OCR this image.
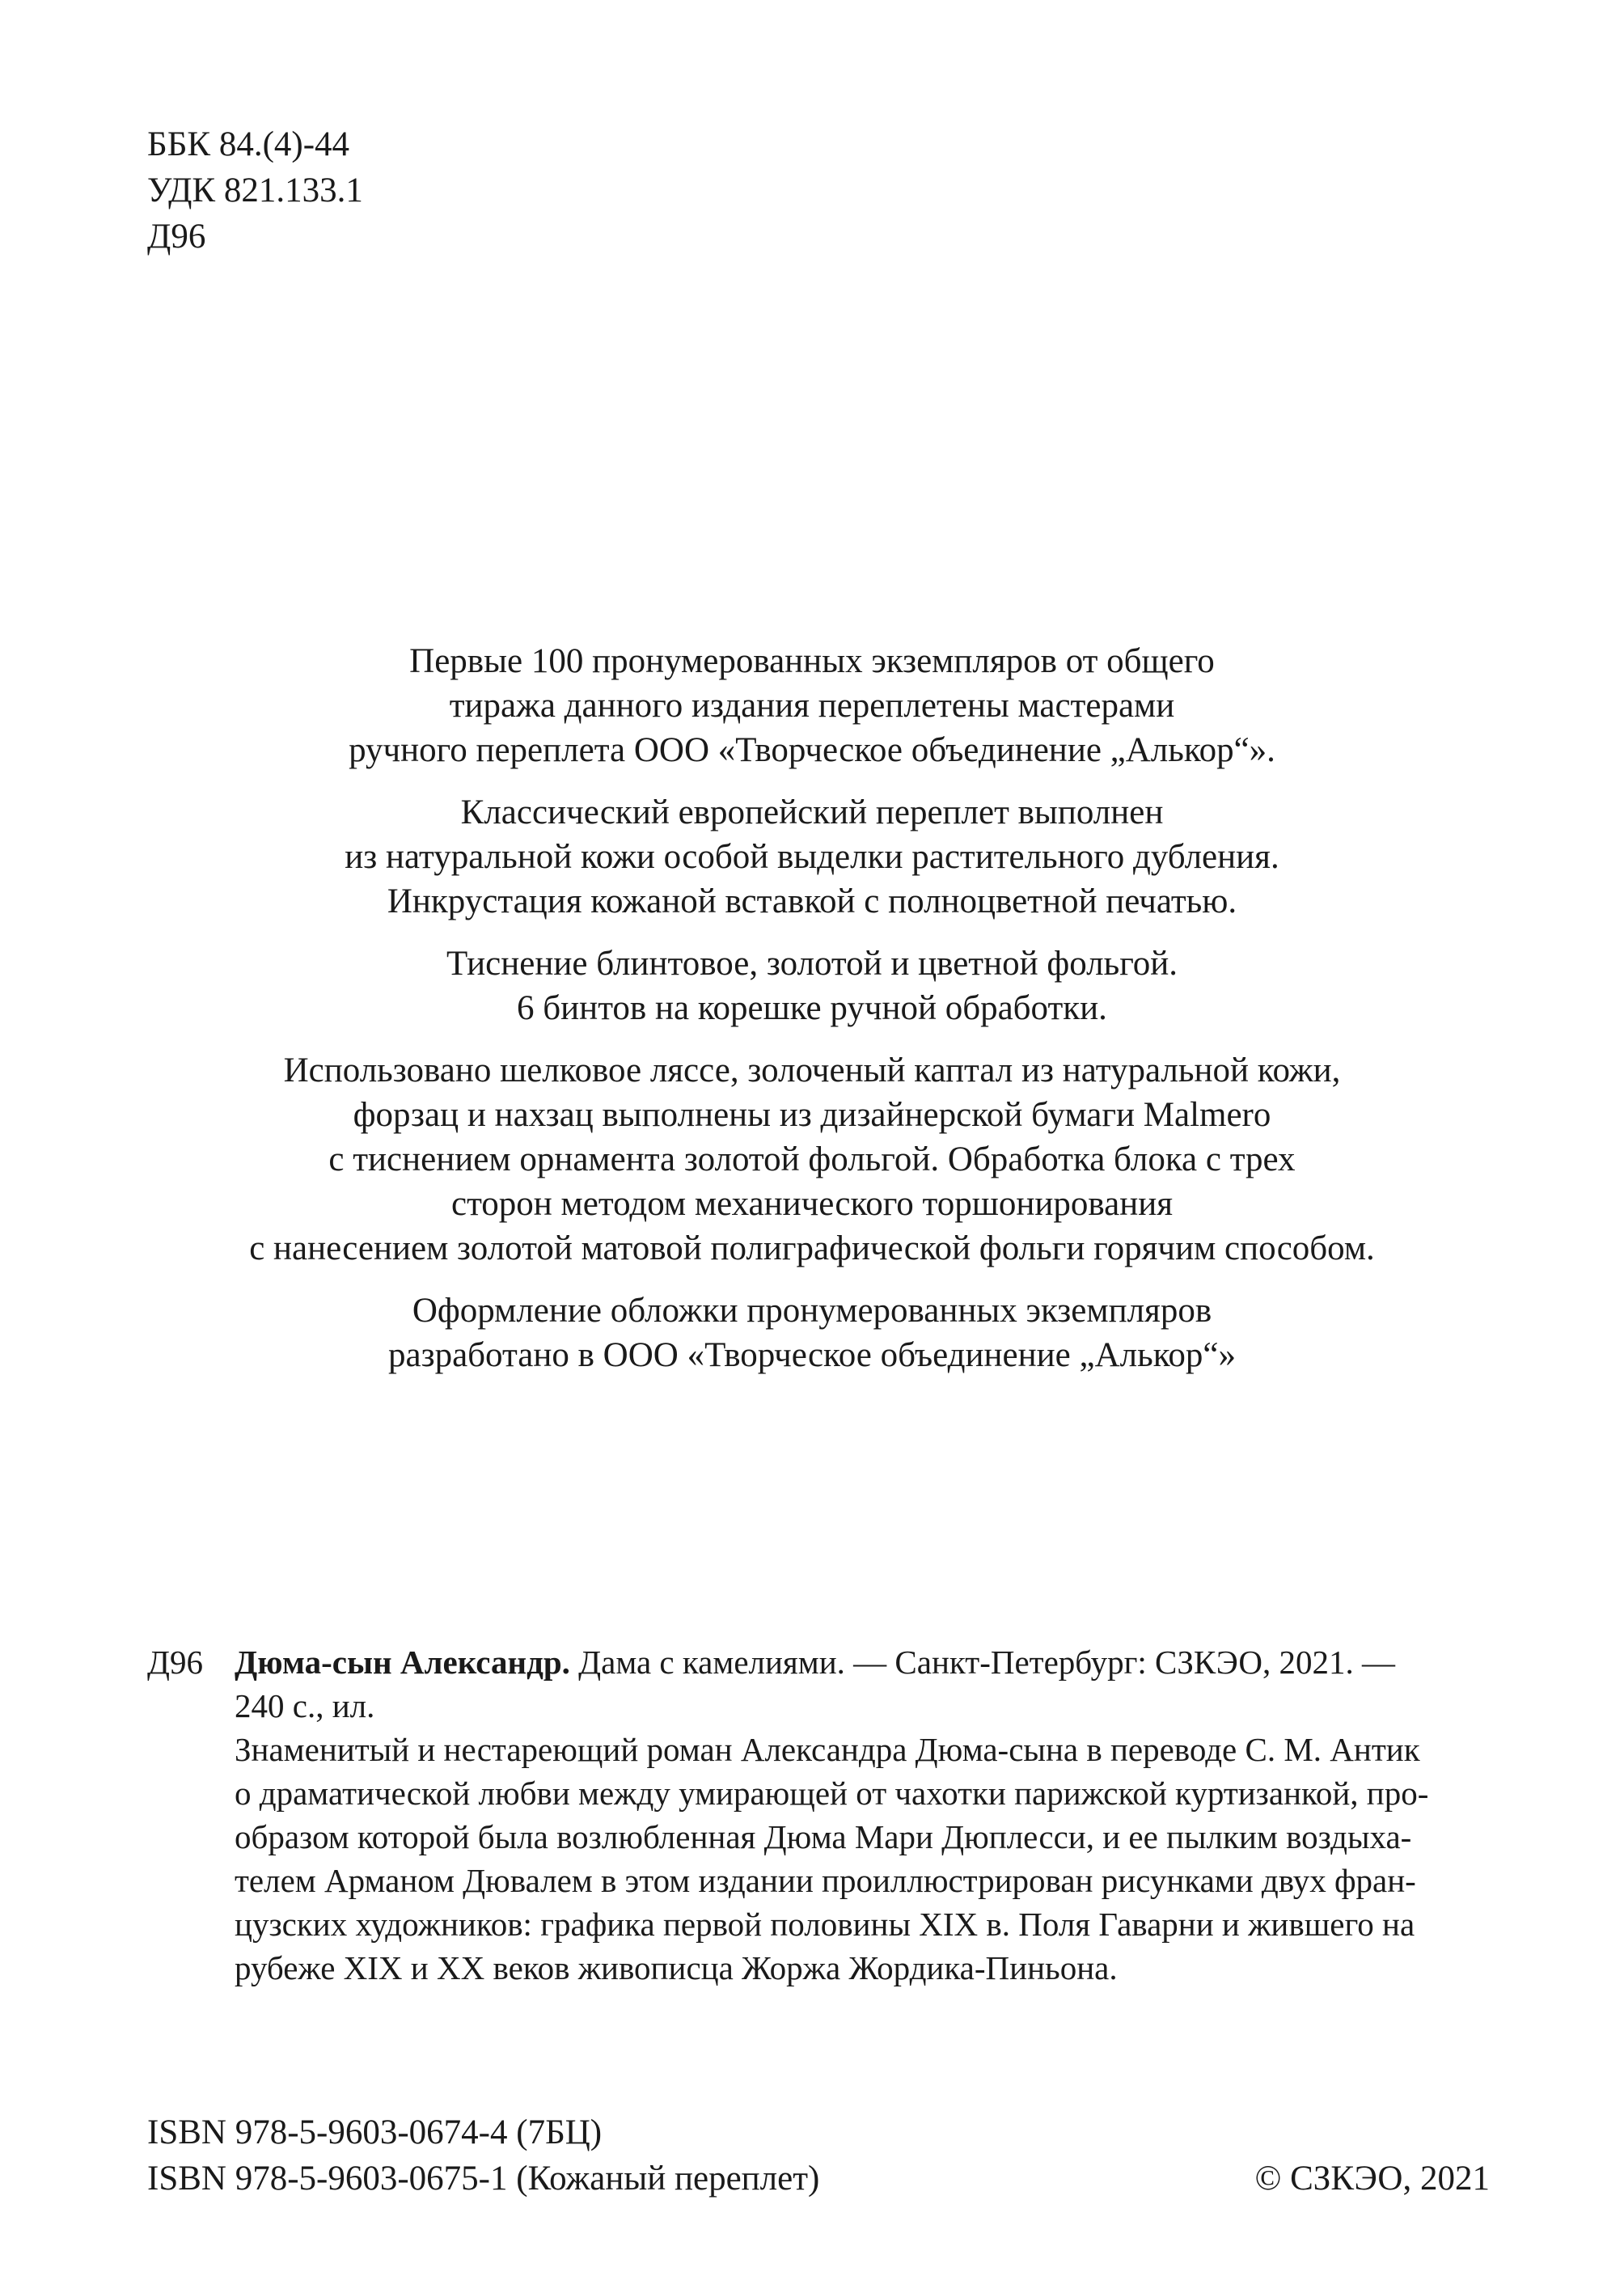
ББК 84.(4)-44
УДК 821.133.1
Д96

Первые 100 пронумерованных экземпляров от общего
тиража данного издания переплетены мастерами
ручного переплета ООО «Творческое объединение „Алькор“».

Классический европейский переплет выполнен
из натуральной кожи особой выделки растительного дубления.
Инкрустация кожаной вставкой с полноцветной печатью.

Тиснение блинтовое, золотой и цветной фольгой.
6 бинтов на корешке ручной обработки.

Использовано шелковое ляссе, золоченый каптал из натуральной кожи,
форзац и нахзац выполнены из дизайнерской бумаги Malmero
с тиснением орнамента золотой фольгой. Обработка блока с трех
сторон методом механического торшонирования
с нанесением золотой матовой полиграфической фольги горячим способом.

Оформление обложки пронумерованных экземпляров
разработано в ООО «Творческое объединение „Алькор“»

Д96 Дюма-сын Александр. Дама с камелиями. — Санкт-Петербург: СЗКЭО, 2021. —
240 с., ил.
Знаменитый и нестареющий роман Александра Дюма-сына в переводе С. М. Антик
о драматической любви между умирающей от чахотки парижской куртизанкой, про-
образом которой была возлюбленная Дюма Мари Дюплесси, и ее пылким воздыха-
телем Арманом Дювалем в этом издании проиллюстрирован рисунками двух фран-
цузских художников: графика первой половины XIX в. Поля Гаварни и жившего на
рубеже XIX и XX веков живописца Жоржа Жордика-Пиньона.
ISBN 978-5-9603-0674-4 (7БЦ)
ISBN 978-5-9603-0675-1 (Кожаный переплет)	© СЗКЭО, 2021
